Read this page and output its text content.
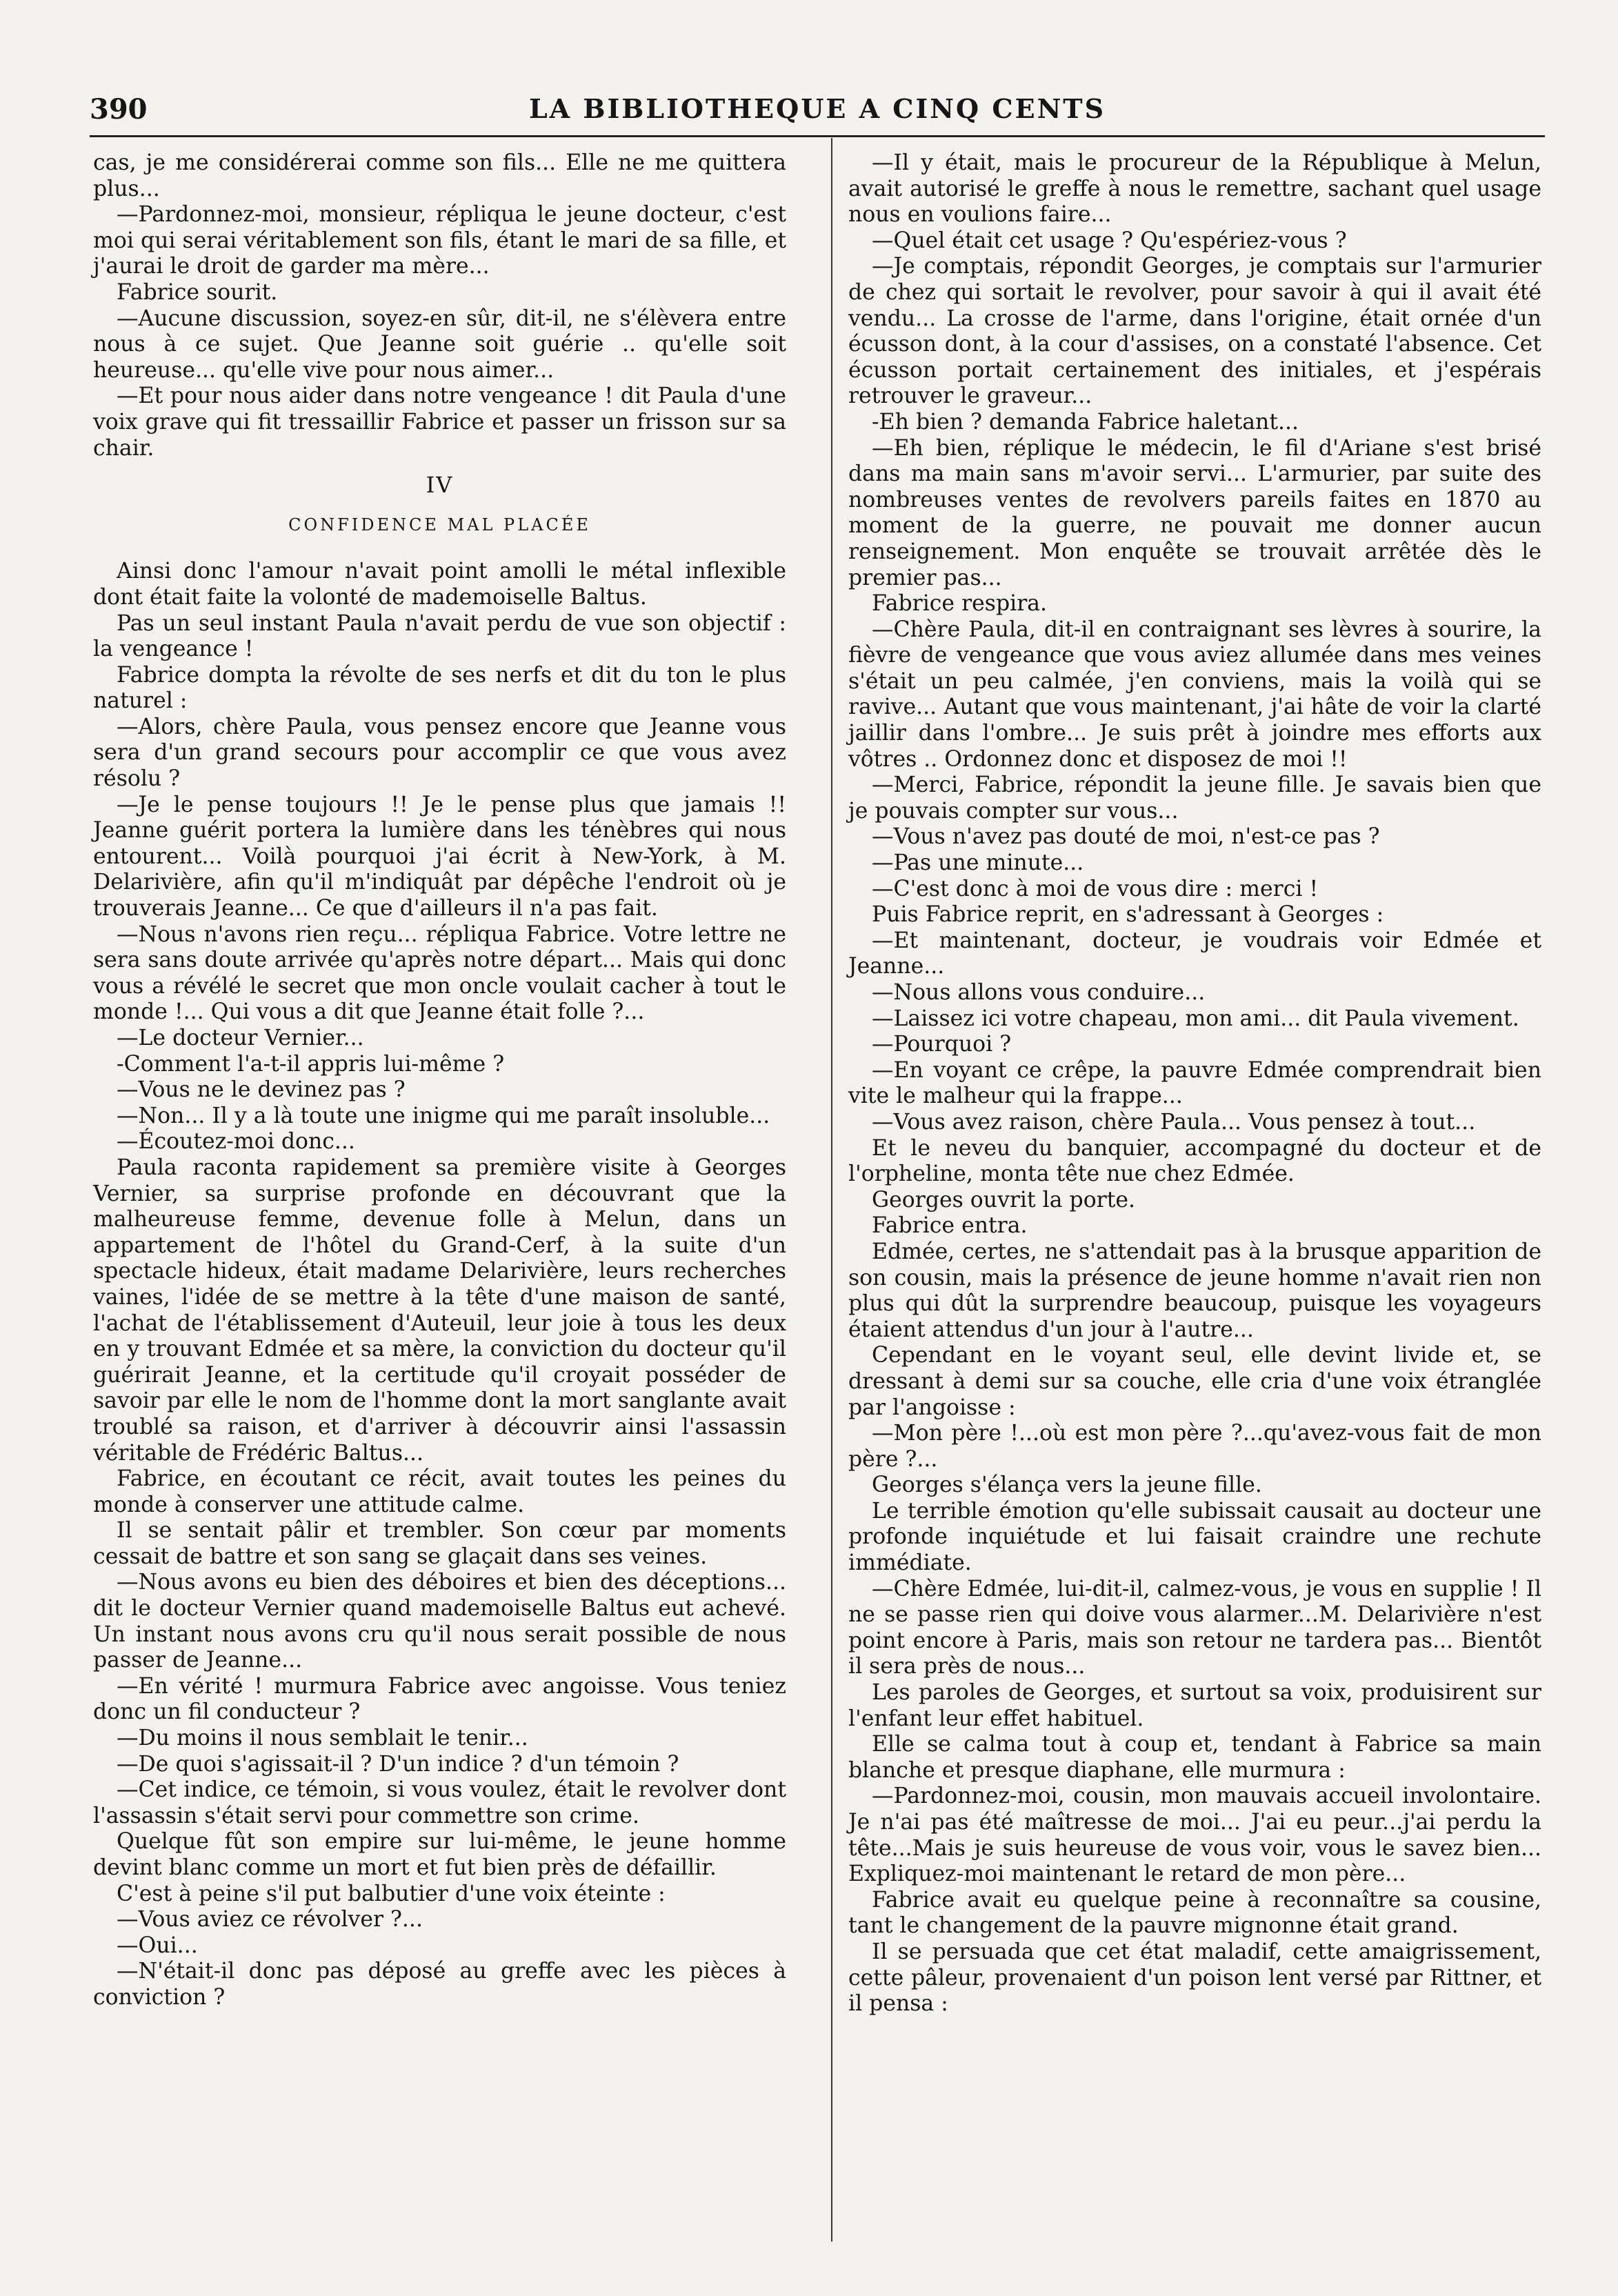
390	LA BIBLIOTHEQUE A CINQ CENTS

cas, je me considérerai comme son fils... Elle ne me quittera plus...

—Pardonnez-moi, monsieur, répliqua le jeune docteur, c'est moi qui serai véritablement son fils, étant le mari de sa fille, et j'aurai le droit de garder ma mère...

Fabrice sourit.

—Aucune discussion, soyez-en sûr, dit-il, ne s'élèvera entre nous à ce sujet. Que Jeanne soit guérie .. qu'elle soit heureuse... qu'elle vive pour nous aimer...

—Et pour nous aider dans notre vengeance ! dit Paula d'une voix grave qui fit tressaillir Fabrice et passer un frisson sur sa chair.

IV
CONFIDENCE MAL PLACÉE

Ainsi donc l'amour n'avait point amolli le métal inflexible dont était faite la volonté de mademoiselle Baltus.

Pas un seul instant Paula n'avait perdu de vue son objectif : la vengeance !

Fabrice dompta la révolte de ses nerfs et dit du ton le plus naturel :

—Alors, chère Paula, vous pensez encore que Jeanne vous sera d'un grand secours pour accomplir ce que vous avez résolu ?

—Je le pense toujours !! Je le pense plus que jamais !! Jeanne guérit portera la lumière dans les ténèbres qui nous entourent... Voilà pourquoi j'ai écrit à New-York, à M. Delarivière, afin qu'il m'indiquât par dépêche l'endroit où je trouverais Jeanne... Ce que d'ailleurs il n'a pas fait.

—Nous n'avons rien reçu... répliqua Fabrice. Votre lettre ne sera sans doute arrivée qu'après notre départ... Mais qui donc vous a révélé le secret que mon oncle voulait cacher à tout le monde !... Qui vous a dit que Jeanne était folle ?...

—Le docteur Vernier...

-Comment l'a-t-il appris lui-même ?

—Vous ne le devinez pas ?

—Non... Il y a là toute une inigme qui me paraît insoluble...

—Écoutez-moi donc...

Paula raconta rapidement sa première visite à Georges Vernier, sa surprise profonde en découvrant que la malheureuse femme, devenue folle à Melun, dans un appartement de l'hôtel du Grand-Cerf, à la suite d'un spectacle hideux, était madame Delarivière, leurs recherches vaines, l'idée de se mettre à la tête d'une maison de santé, l'achat de l'établissement d'Auteuil, leur joie à tous les deux en y trouvant Edmée et sa mère, la conviction du docteur qu'il guérirait Jeanne, et la certitude qu'il croyait posséder de savoir par elle le nom de l'homme dont la mort sanglante avait troublé sa raison, et d'arriver à découvrir ainsi l'assassin véritable de Frédéric Baltus...

Fabrice, en écoutant ce récit, avait toutes les peines du monde à conserver une attitude calme.

Il se sentait pâlir et trembler. Son cœur par moments cessait de battre et son sang se glaçait dans ses veines.

—Nous avons eu bien des déboires et bien des déceptions... dit le docteur Vernier quand mademoiselle Baltus eut achevé. Un instant nous avons cru qu'il nous serait possible de nous passer de Jeanne...

—En vérité ! murmura Fabrice avec angoisse. Vous teniez donc un fil conducteur ?

—Du moins il nous semblait le tenir...

—De quoi s'agissait-il ? D'un indice ? d'un témoin ?

—Cet indice, ce témoin, si vous voulez, était le revolver dont l'assassin s'était servi pour commettre son crime.

Quelque fût son empire sur lui-même, le jeune homme devint blanc comme un mort et fut bien près de défaillir.

C'est à peine s'il put balbutier d'une voix éteinte :

—Vous aviez ce révolver ?...

—Oui...

—N'était-il donc pas déposé au greffe avec les pièces à conviction ?

—Il y était, mais le procureur de la République à Melun, avait autorisé le greffe à nous le remettre, sachant quel usage nous en voulions faire...

—Quel était cet usage ? Qu'espériez-vous ?

—Je comptais, répondit Georges, je comptais sur l'armurier de chez qui sortait le revolver, pour savoir à qui il avait été vendu... La crosse de l'arme, dans l'origine, était ornée d'un écusson dont, à la cour d'assises, on a constaté l'absence. Cet écusson portait certainement des initiales, et j'espérais retrouver le graveur...

-Eh bien ? demanda Fabrice haletant...

—Eh bien, réplique le médecin, le fil d'Ariane s'est brisé dans ma main sans m'avoir servi... L'armurier, par suite des nombreuses ventes de revolvers pareils faites en 1870 au moment de la guerre, ne pouvait me donner aucun renseignement. Mon enquête se trouvait arrêtée dès le premier pas...

Fabrice respira.

—Chère Paula, dit-il en contraignant ses lèvres à sourire, la fièvre de vengeance que vous aviez allumée dans mes veines s'était un peu calmée, j'en conviens, mais la voilà qui se ravive... Autant que vous maintenant, j'ai hâte de voir la clarté jaillir dans l'ombre... Je suis prêt à joindre mes efforts aux vôtres .. Ordonnez donc et disposez de moi !!

—Merci, Fabrice, répondit la jeune fille. Je savais bien que je pouvais compter sur vous...

—Vous n'avez pas douté de moi, n'est-ce pas ?

—Pas une minute...

—C'est donc à moi de vous dire : merci !

Puis Fabrice reprit, en s'adressant à Georges :

—Et maintenant, docteur, je voudrais voir Edmée et Jeanne...

—Nous allons vous conduire...

—Laissez ici votre chapeau, mon ami... dit Paula vivement.

—Pourquoi ?

—En voyant ce crêpe, la pauvre Edmée comprendrait bien vite le malheur qui la frappe...

—Vous avez raison, chère Paula... Vous pensez à tout...

Et le neveu du banquier, accompagné du docteur et de l'orpheline, monta tête nue chez Edmée.

Georges ouvrit la porte.

Fabrice entra.

Edmée, certes, ne s'attendait pas à la brusque apparition de son cousin, mais la présence de jeune homme n'avait rien non plus qui dût la surprendre beaucoup, puisque les voyageurs étaient attendus d'un jour à l'autre...

Cependant en le voyant seul, elle devint livide et, se dressant à demi sur sa couche, elle cria d'une voix étranglée par l'angoisse :

—Mon père !...où est mon père ?...qu'avez-vous fait de mon père ?...

Georges s'élança vers la jeune fille.

Le terrible émotion qu'elle subissait causait au docteur une profonde inquiétude et lui faisait craindre une rechute immédiate.

—Chère Edmée, lui-dit-il, calmez-vous, je vous en supplie ! Il ne se passe rien qui doive vous alarmer...M. Delarivière n'est point encore à Paris, mais son retour ne tardera pas... Bientôt il sera près de nous...

Les paroles de Georges, et surtout sa voix, produisirent sur l'enfant leur effet habituel.

Elle se calma tout à coup et, tendant à Fabrice sa main blanche et presque diaphane, elle murmura :

—Pardonnez-moi, cousin, mon mauvais accueil involontaire. Je n'ai pas été maîtresse de moi... J'ai eu peur...j'ai perdu la tête...Mais je suis heureuse de vous voir, vous le savez bien... Expliquez-moi maintenant le retard de mon père...

Fabrice avait eu quelque peine à reconnaître sa cousine, tant le changement de la pauvre mignonne était grand.

Il se persuada que cet état maladif, cette amaigrissement, cette pâleur, provenaient d'un poison lent versé par Rittner, et il pensa :
